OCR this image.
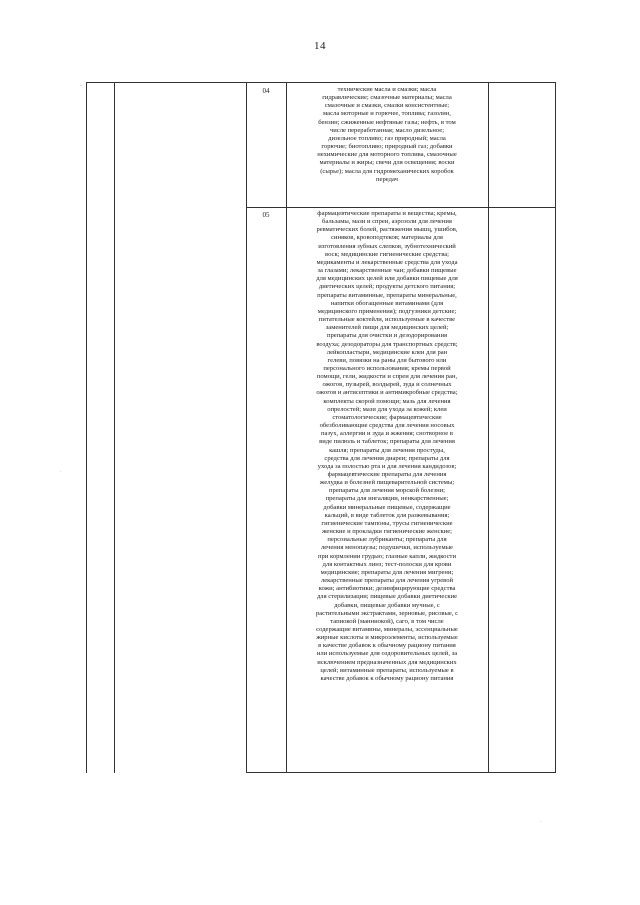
14
·
04	технические масла и смазки; масла
гидравлические; смазочные материалы; масла
смазочные и смазки, смазки консистентные;
масла моторные и горючее, топлива; газолин,
бензин; сжиженные нефтяные газы; нефть, в том
числе переработанная; масло дизельное;
дизельное топливо; газ природный; масла
горючие; биотопливо; природный газ; добавки
нехимические для моторного топлива, смазочные
материалы и жиры; свечи для освещения; воски
(сырье); масла для гидромеханических коробок
передач

05	фармацевтические препараты и вещества; кремы,
бальзамы, мази и спреи, аэрозоли для лечения
ревматических болей, растяжения мышц, ушибов,
синяков, кровоподтеков; материалы для
изготовления зубных слепков, зубнотехнический
воск; медицинские гигиенические средства;
медикаменты и лекарственные средства для ухода
за глазами; лекарственные чаи; добавки пищевые
для медицинских целей или добавки пищевые для
диетических целей; продукты детского питания;
препараты витаминные, препараты минеральные,
напитки обогащенные витаминами (для
медицинского применения); подгузники детские;
питательные коктейли, используемые в качестве
заменителей пищи для медицинских целей;
препараты для очистки и дезодорирования
воздуха; дезодораторы для транспортных средств;
лейкопластыри, медицинские клеи для ран
гелеви, повязки на раны для бытового или
персонального использования; кремы первой
помощи, гели, жидкости и спреи для лечения ран,
ожогов, пузырей, волдырей, зуда и солнечных
ожогов и антисептики и антимикробные средства;
комплекты скорой помощи; мазь для лечения
опрелостей; мази для ухода за кожей; клеи
стоматологические; фармацевтические
обезболивающие средства для лечения носовых
пазух, аллергии и зуда и жжения; снотворное в
виде пилюль и таблеток; препараты для лечения
кашля; препараты для лечения простуды,
средства для лечения диареи; препараты для
ухода за полостью рта и для лечения кандидозов;
фармацевтические препараты для лечения
желудка и болезней пищеварительной системы;
препараты для лечения морской болезни;
препараты для ингаляции, ненкарственные;
добавки минеральные пищевые, содержащие
кальций, в виде таблеток для разжевывания;
гигиенические тампоны, трусы гигиенические
женские и прокладки гигиенические женские;
персональные лубриканты; препараты для
лечения менопаузы; подушечки, используемые
при кормлении грудью; глазные капли, жидкости
для контактных линз; тест-полоски для крови
медицинские; препараты для лечения мигрени;
лекарственные препараты для лечения угревой
кожи; антибиотики; дезинфицирующие средства
для стерилизации; пищевые добавки диетические
добавки, пищевые добавки мучные, с
растительными экстрактами, зерновые, рисовые, с
тапиокой (манниокой), саго, в том числе
содержащие витамины, минералы, эссенциальные
жирные кислоты и микроэлементы, используемые
в качестве добавок к обычному рациону питания
или используемые для оздоровительных целей, за
исключением предназначенных для медицинских
целей; витаминные препараты, используемые в
качестве добавок к обычному рациону питания

·
·
